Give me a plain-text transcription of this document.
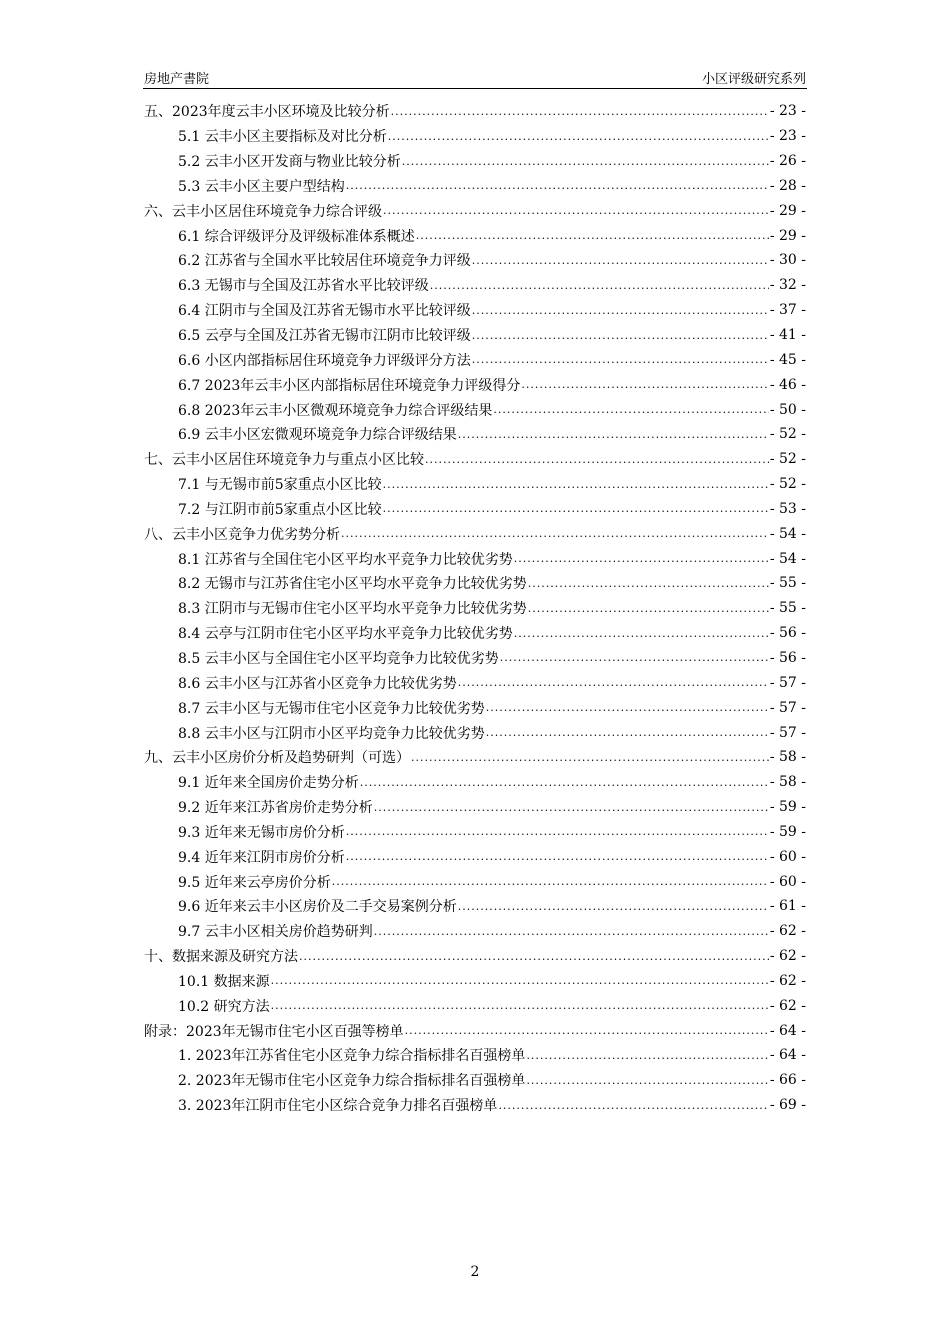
房地产書院	小区评级研究系列
五、2023年度云丰小区环境及比较分析 .....	- 23 -
5.1 云丰小区主要指标及对比分析 .....	- 23 -
5.2 云丰小区开发商与物业比较分析 .....	- 26 -
5.3 云丰小区主要户型结构 .....	- 28 -
六、云丰小区居住环境竞争力综合评级 .....	- 29 -
6.1 综合评级评分及评级标准体系概述 .....	- 29 -
6.2 江苏省与全国水平比较居住环境竞争力评级 .....	- 30 -
6.3 无锡市与全国及江苏省水平比较评级 .....	- 32 -
6.4 江阴市与全国及江苏省无锡市水平比较评级 .....	- 37 -
6.5 云亭与全国及江苏省无锡市江阴市比较评级 .....	- 41 -
6.6 小区内部指标居住环境竞争力评级评分方法 .....	- 45 -
6.7 2023年云丰小区内部指标居住环境竞争力评级得分 .....	- 46 -
6.8 2023年云丰小区微观环境竞争力综合评级结果 .....	- 50 -
6.9 云丰小区宏微观环境竞争力综合评级结果 .....	- 52 -
七、云丰小区居住环境竞争力与重点小区比较 .....	- 52 -
7.1 与无锡市前5家重点小区比较 .....	- 52 -
7.2 与江阴市前5家重点小区比较 .....	- 53 -
八、云丰小区竞争力优劣势分析 .....	- 54 -
8.1 江苏省与全国住宅小区平均水平竞争力比较优劣势 .....	- 54 -
8.2 无锡市与江苏省住宅小区平均水平竞争力比较优劣势 .....	- 55 -
8.3 江阴市与无锡市住宅小区平均水平竞争力比较优劣势 .....	- 55 -
8.4 云亭与江阴市住宅小区平均水平竞争力比较优劣势 .....	- 56 -
8.5 云丰小区与全国住宅小区平均竞争力比较优劣势 .....	- 56 -
8.6 云丰小区与江苏省小区竞争力比较优劣势 .....	- 57 -
8.7 云丰小区与无锡市住宅小区竞争力比较优劣势 .....	- 57 -
8.8 云丰小区与江阴市小区平均竞争力比较优劣势 .....	- 57 -
九、云丰小区房价分析及趋势研判（可选） .....	- 58 -
9.1 近年来全国房价走势分析 .....	- 58 -
9.2 近年来江苏省房价走势分析 .....	- 59 -
9.3 近年来无锡市房价分析 .....	- 59 -
9.4 近年来江阴市房价分析 .....	- 60 -
9.5 近年来云亭房价分析 .....	- 60 -
9.6 近年来云丰小区房价及二手交易案例分析 .....	- 61 -
9.7 云丰小区相关房价趋势研判 .....	- 62 -
十、数据来源及研究方法 .....	- 62 -
10.1 数据来源 .....	- 62 -
10.2 研究方法 .....	- 62 -
附录：2023年无锡市住宅小区百强等榜单 .....	- 64 -
1. 2023年江苏省住宅小区竞争力综合指标排名百强榜单 .....	- 64 -
2. 2023年无锡市住宅小区竞争力综合指标排名百强榜单 .....	- 66 -
3. 2023年江阴市住宅小区综合竞争力排名百强榜单 .....	- 69 -
2
